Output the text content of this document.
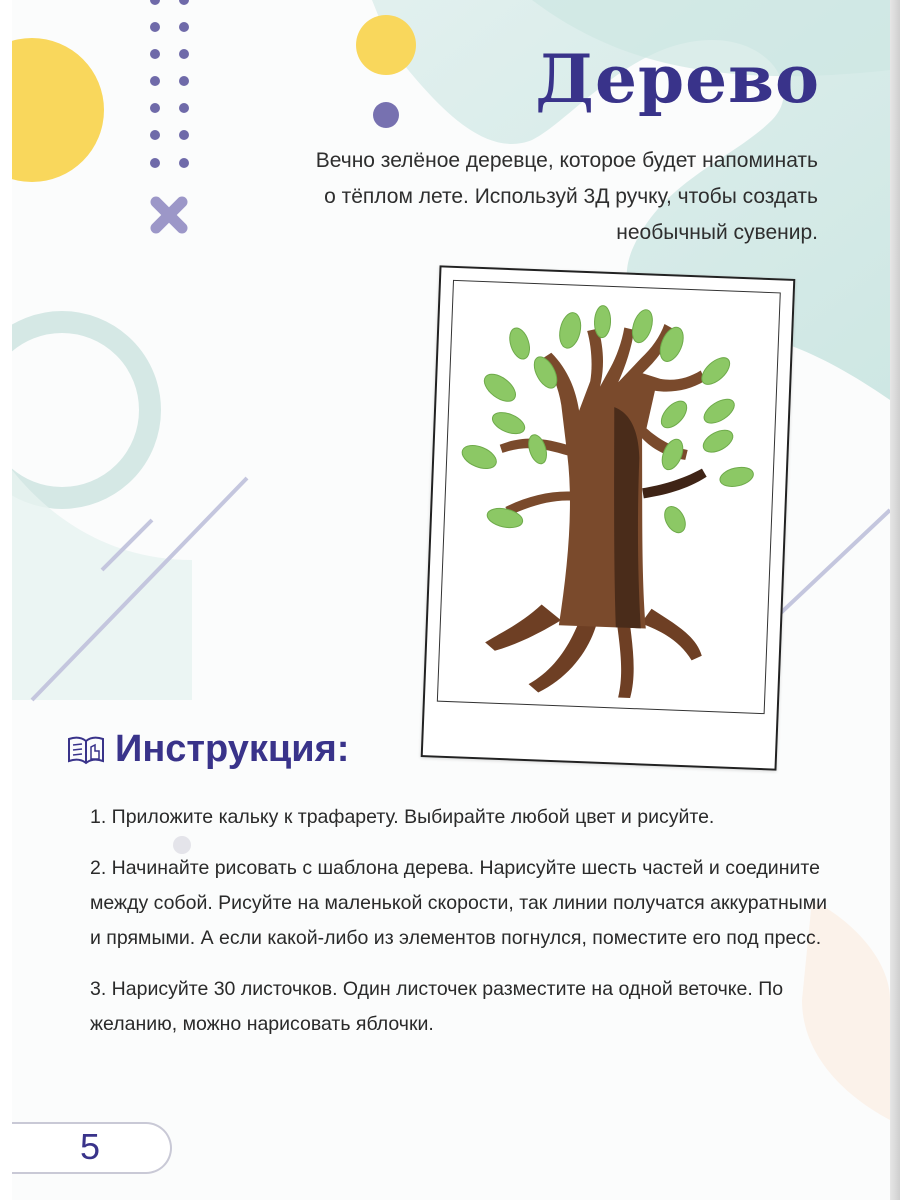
Дерево
Вечно зелёное деревце, которое будет напоминать
о тёплом лете. Используй 3Д ручку, чтобы создать
необычный сувенир.
Инструкция:
1. Приложите кальку к трафарету. Выбирайте любой цвет и рисуйте.
2. Начинайте рисовать с шаблона дерева. Нарисуйте шесть частей и соедините между собой. Рисуйте на маленькой скорости, так линии получатся аккуратными и прямыми. А если какой-либо из элементов погнулся, поместите его под пресс.
3. Нарисуйте 30 листочков. Один листочек разместите на одной веточке. По желанию, можно нарисовать яблочки.
5
